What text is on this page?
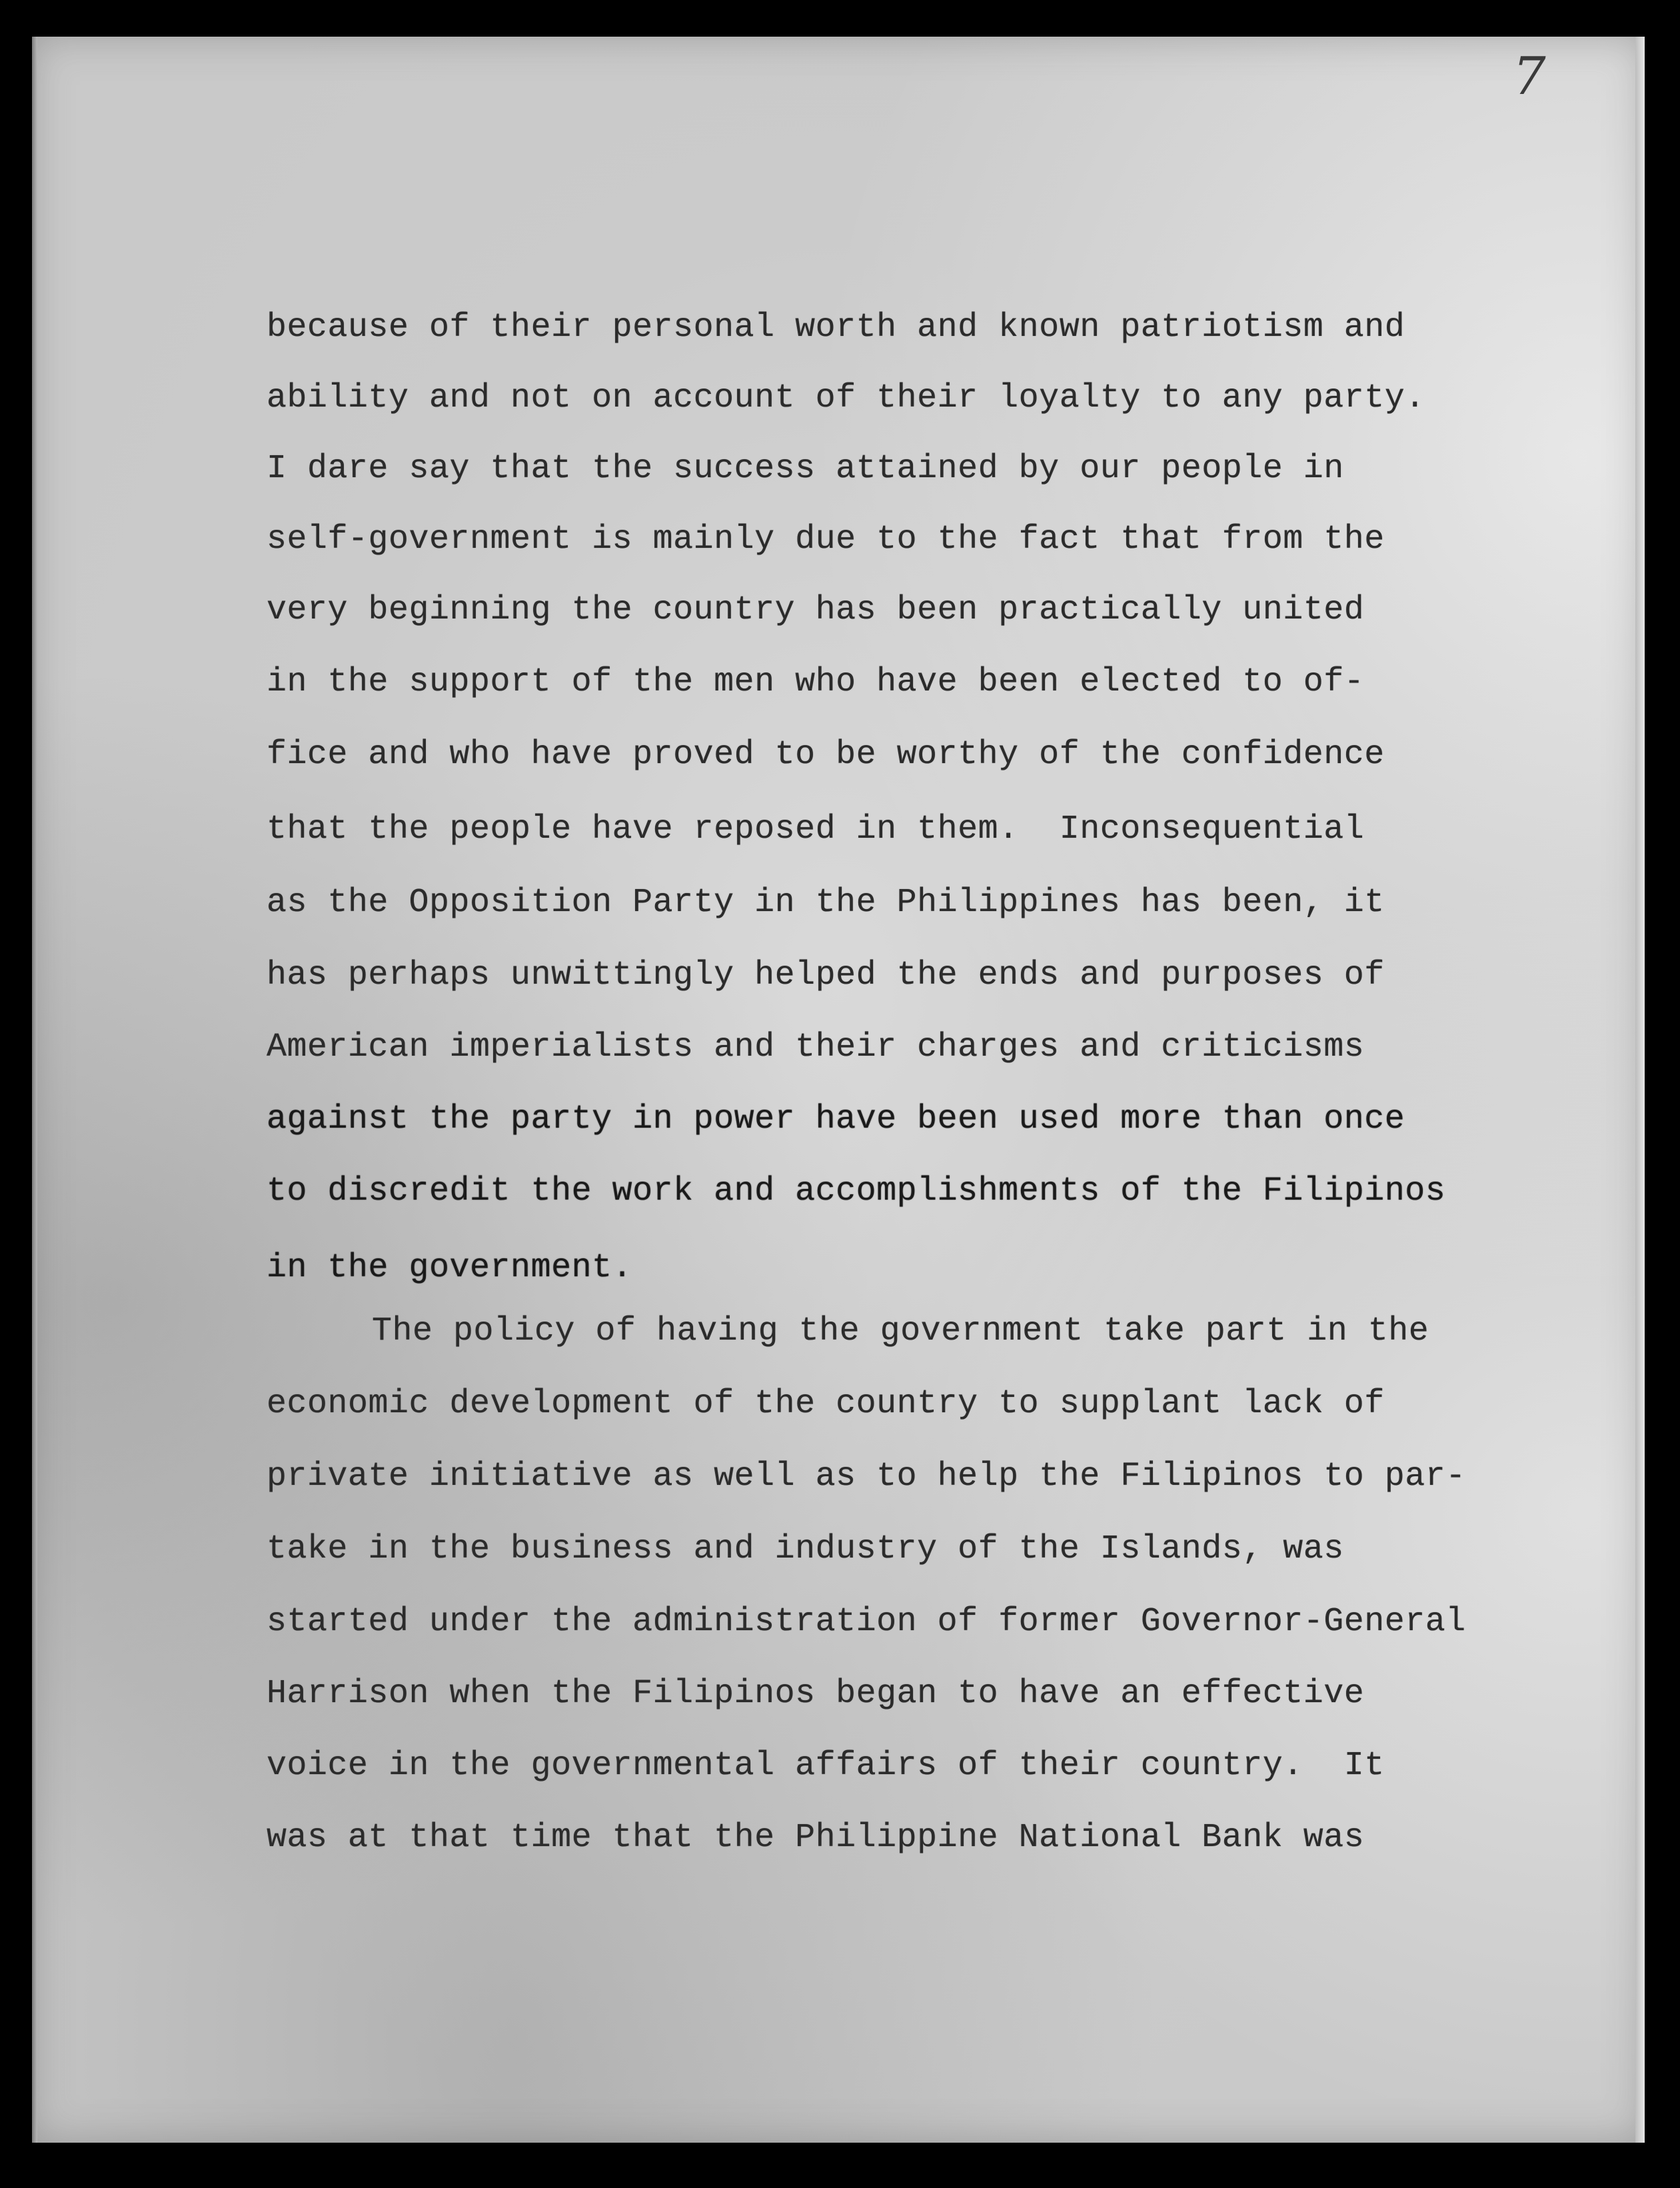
7

because of their personal worth and known patriotism and

ability and not on account of their loyalty to any party.

I dare say that the success attained by our people in

self-government is mainly due to the fact that from the

very beginning the country has been practically united

in the support of the men who have been elected to of-

fice and who have proved to be worthy of the confidence

that the people have reposed in them.  Inconsequential

as the Opposition Party in the Philippines has been, it

has perhaps unwittingly helped the ends and purposes of

American imperialists and their charges and criticisms

against the party in power have been used more than once

to discredit the work and accomplishments of the Filipinos

in the government.

The policy of having the government take part in the

economic development of the country to supplant lack of

private initiative as well as to help the Filipinos to par-

take in the business and industry of the Islands, was

started under the administration of former Governor-General

Harrison when the Filipinos began to have an effective

voice in the governmental affairs of their country.  It

was at that time that the Philippine National Bank was
